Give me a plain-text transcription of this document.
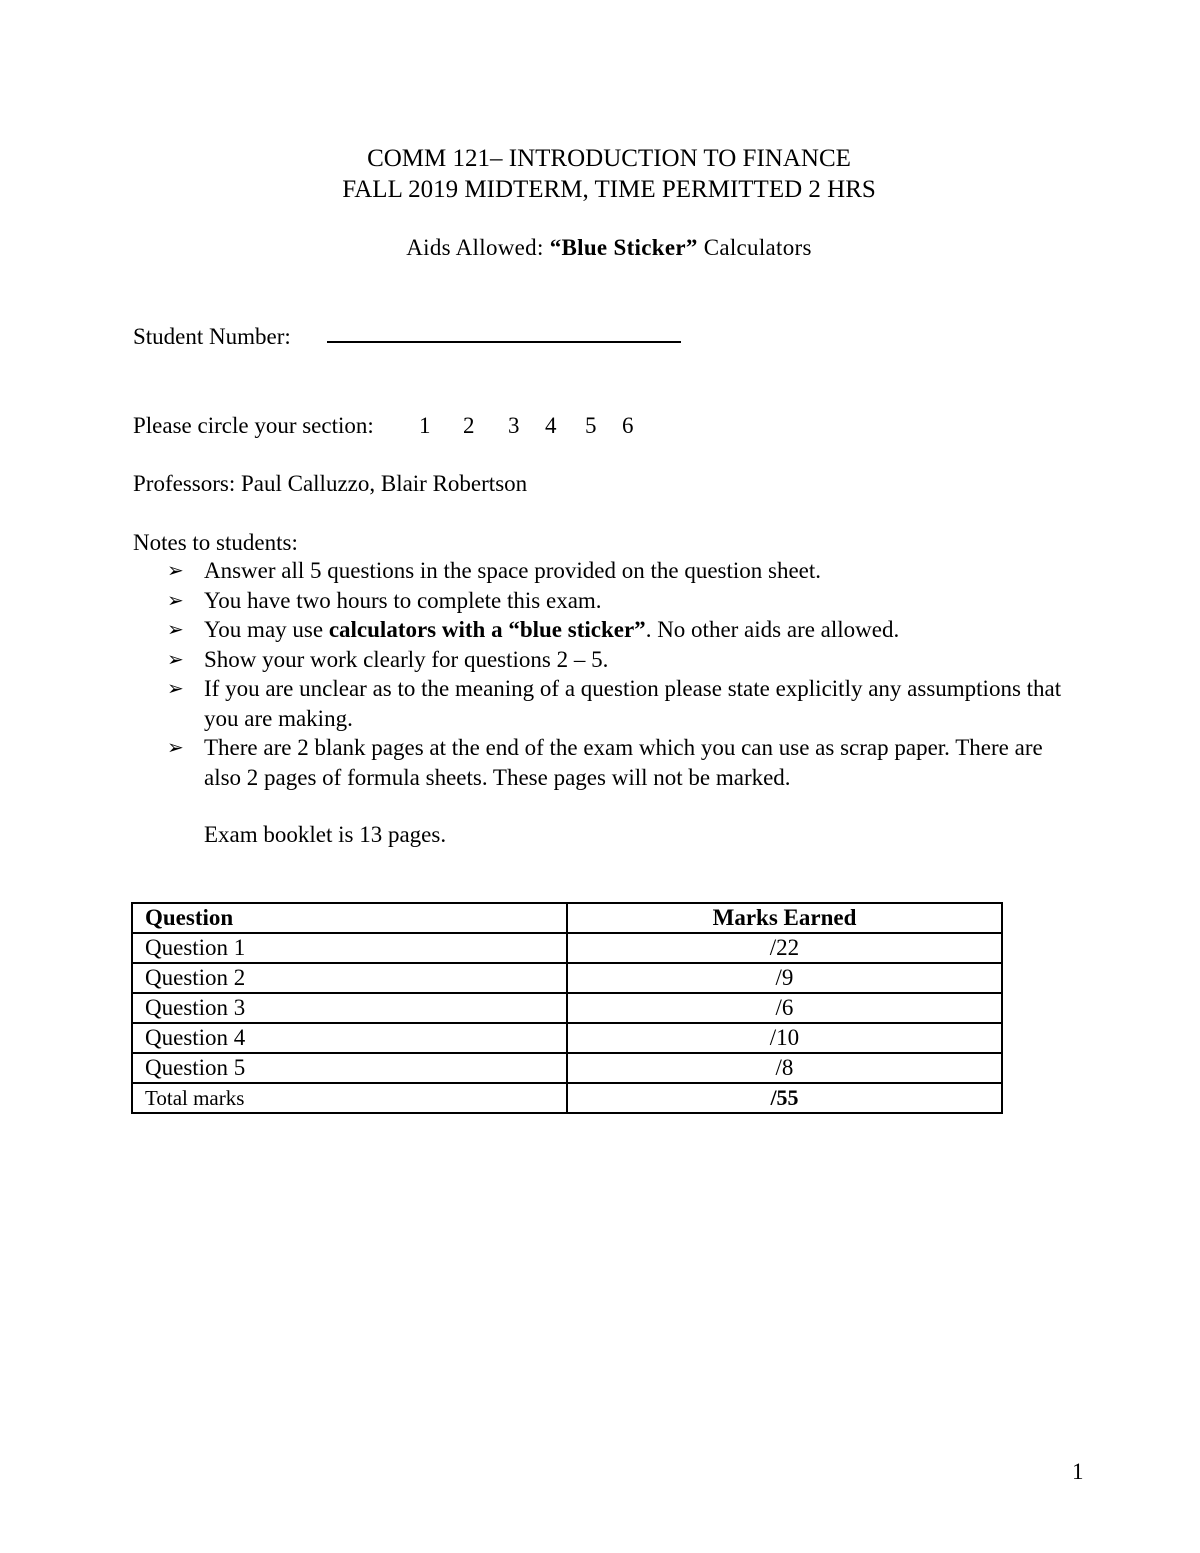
COMM 121– INTRODUCTION TO FINANCE
FALL 2019 MIDTERM, TIME PERMITTED 2 HRS
Aids Allowed: “Blue Sticker” Calculators
Student Number:
Please circle your section: 1 2 3 4 5 6
Professors: Paul Calluzzo, Blair Robertson
Notes to students:
➢ Answer all 5 questions in the space provided on the question sheet.
➢ You have two hours to complete this exam.
➢ You may use calculators with a “blue sticker”. No other aids are allowed.
➢ Show your work clearly for questions 2 – 5.
➢ If you are unclear as to the meaning of a question please state explicitly any assumptions that you are making.
➢ There are 2 blank pages at the end of the exam which you can use as scrap paper. There are also 2 pages of formula sheets. These pages will not be marked.
Exam booklet is 13 pages.
Question	Marks Earned
Question 1	/22
Question 2	/9
Question 3	/6
Question 4	/10
Question 5	/8
Total marks	/55
1
